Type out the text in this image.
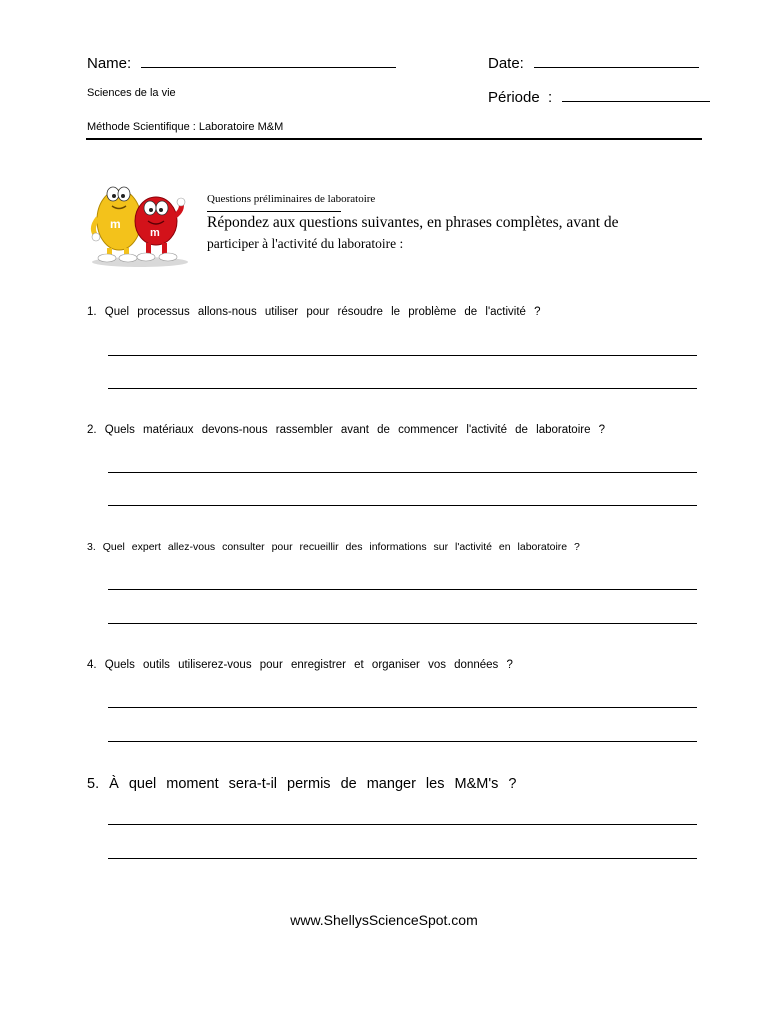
Name:	Date:
Sciences de la vie	Période  :
Méthode Scientifique : Laboratoire M&M
m
m
Questions préliminaires de laboratoire
Répondez aux questions suivantes, en phrases complètes, avant de
participer à l'activité du laboratoire :
1. Quel processus allons-nous utiliser pour résoudre le problème de l'activité ?
2. Quels matériaux devons-nous rassembler avant de commencer l'activité de laboratoire ?
3. Quel expert allez-vous consulter pour recueillir des informations sur l'activité en laboratoire ?
4. Quels outils utiliserez-vous pour enregistrer et organiser vos données ?
5. À quel moment sera-t-il permis de manger les M&M's ?
www.ShellysScienceSpot.com
